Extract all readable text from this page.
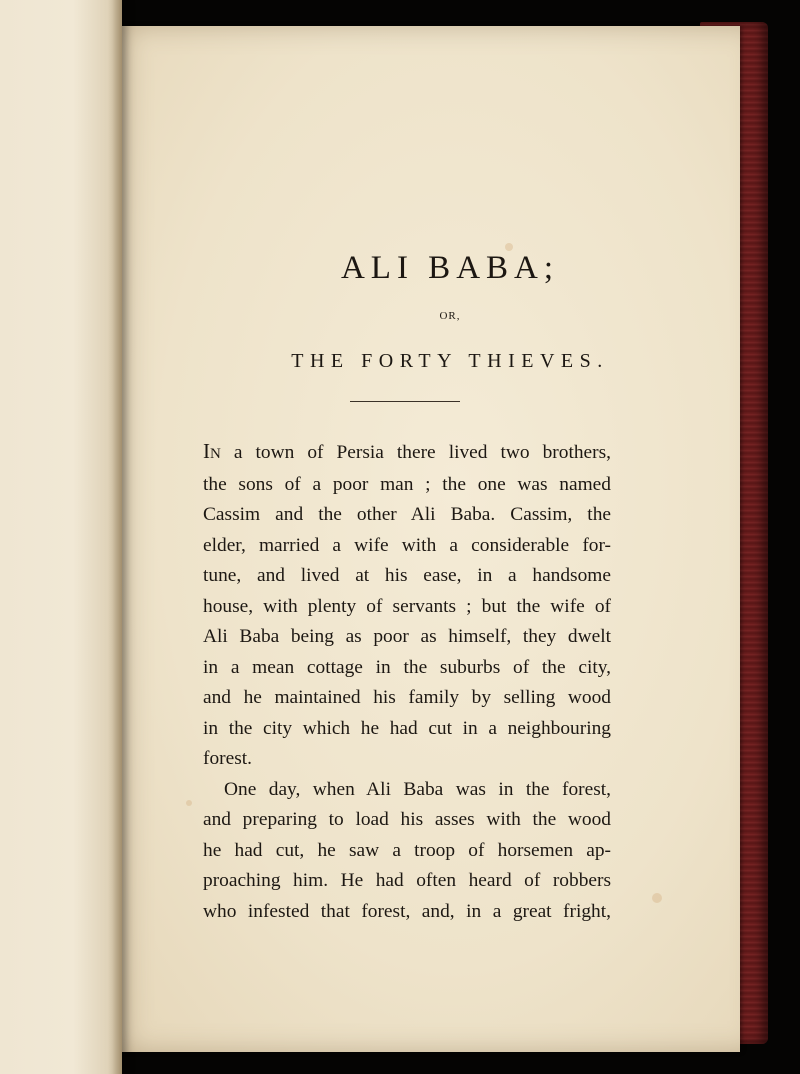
ALI BABA;
OR,
THE FORTY THIEVES.
IN a town of Persia there lived two brothers,
the sons of a poor man ; the one was named
Cassim and the other Ali Baba. Cassim, the
elder, married a wife with a considerable for-
tune, and lived at his ease, in a handsome
house, with plenty of servants ; but the wife of
Ali Baba being as poor as himself, they dwelt
in a mean cottage in the suburbs of the city,
and he maintained his family by selling wood
in the city which he had cut in a neighbouring
forest.
One day, when Ali Baba was in the forest,
and preparing to load his asses with the wood
he had cut, he saw a troop of horsemen ap-
proaching him. He had often heard of robbers
who infested that forest, and, in a great fright,
